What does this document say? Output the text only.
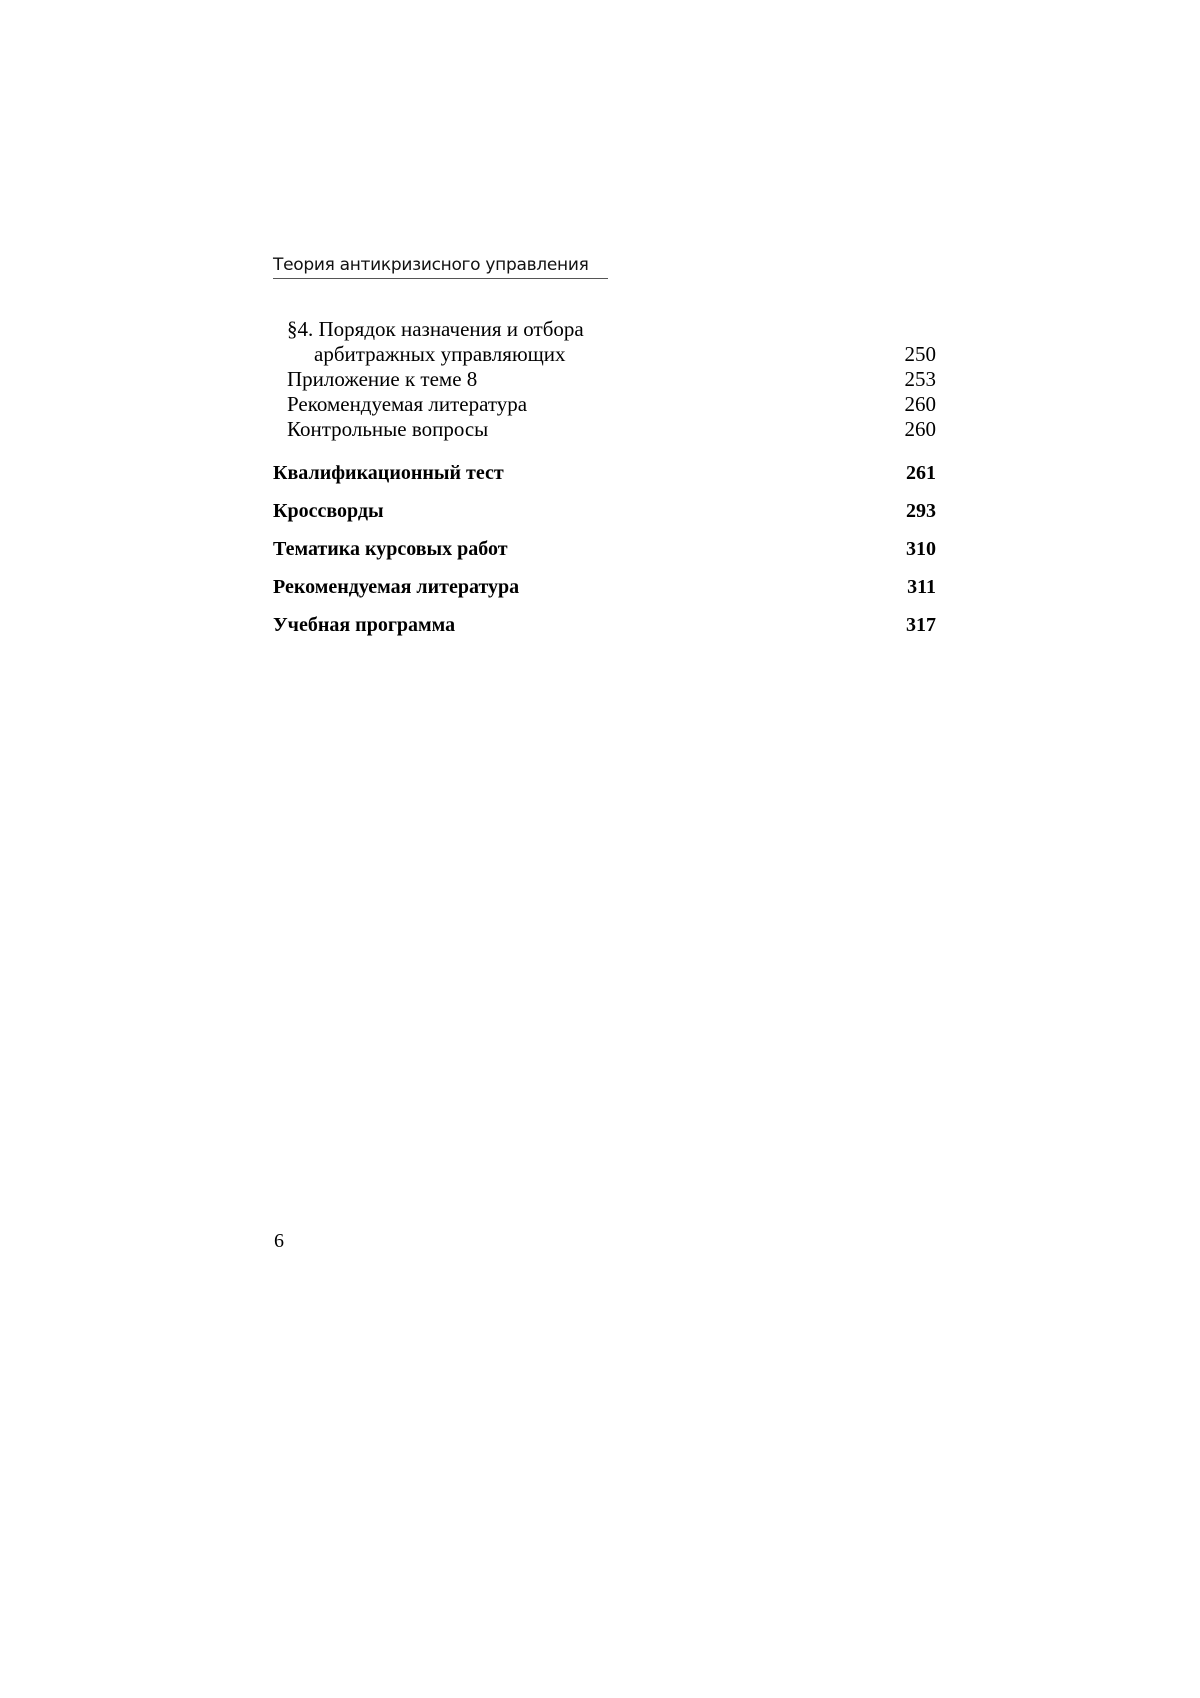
Теория антикризисного управления
§4. Порядок назначения и отбора
арбитражных управляющих	250
Приложение к теме 8	253
Рекомендуемая литература	260
Контрольные вопросы	260
Квалификационный тест	261
Кроссворды	293
Тематика курсовых работ	310
Рекомендуемая литература	311
Учебная программа	317
6
